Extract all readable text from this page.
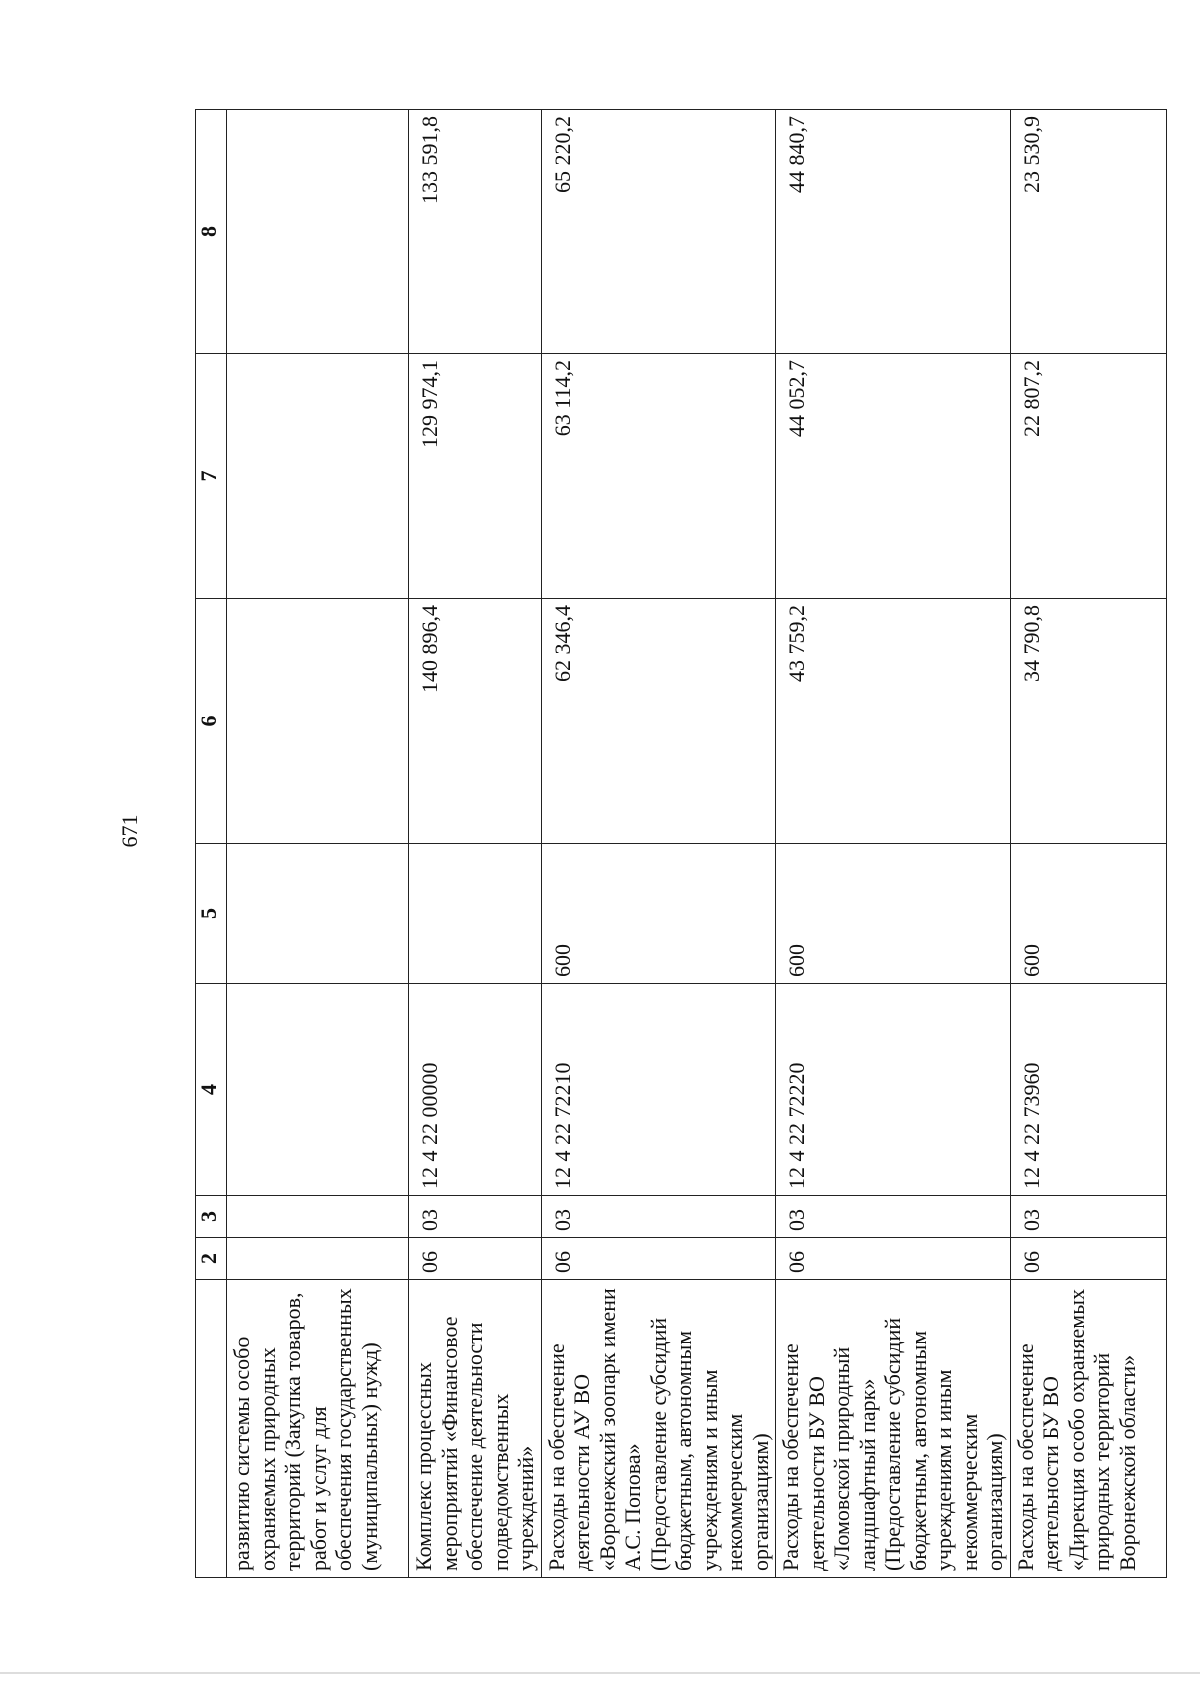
671
	2	3	4	5	6	7	8
развитию системы особо охраняемых природных территорий (Закупка товаров, работ и услуг для обеспечения государственных (муниципальных) нужд)							
Комплекс процессных мероприятий «Финансовое обеспечение деятельности подведомственных учреждений»	06	03	12 4 22 00000		140 896,4	129 974,1	133 591,8
Расходы на обеспечение деятельности АУ ВО «Воронежский зоопарк имени А.С. Попова» (Предоставление субсидий бюджетным, автономным учреждениям и иным некоммерческим организациям)	06	03	12 4 22 72210	600	62 346,4	63 114,2	65 220,2
Расходы на обеспечение деятельности БУ ВО «Ломовской природный ландшафтный парк» (Предоставление субсидий бюджетным, автономным учреждениям и иным некоммерческим организациям)	06	03	12 4 22 72220	600	43 759,2	44 052,7	44 840,7
Расходы на обеспечение деятельности БУ ВО «Дирекция особо охраняемых природных территорий Воронежской области»	06	03	12 4 22 73960	600	34 790,8	22 807,2	23 530,9
